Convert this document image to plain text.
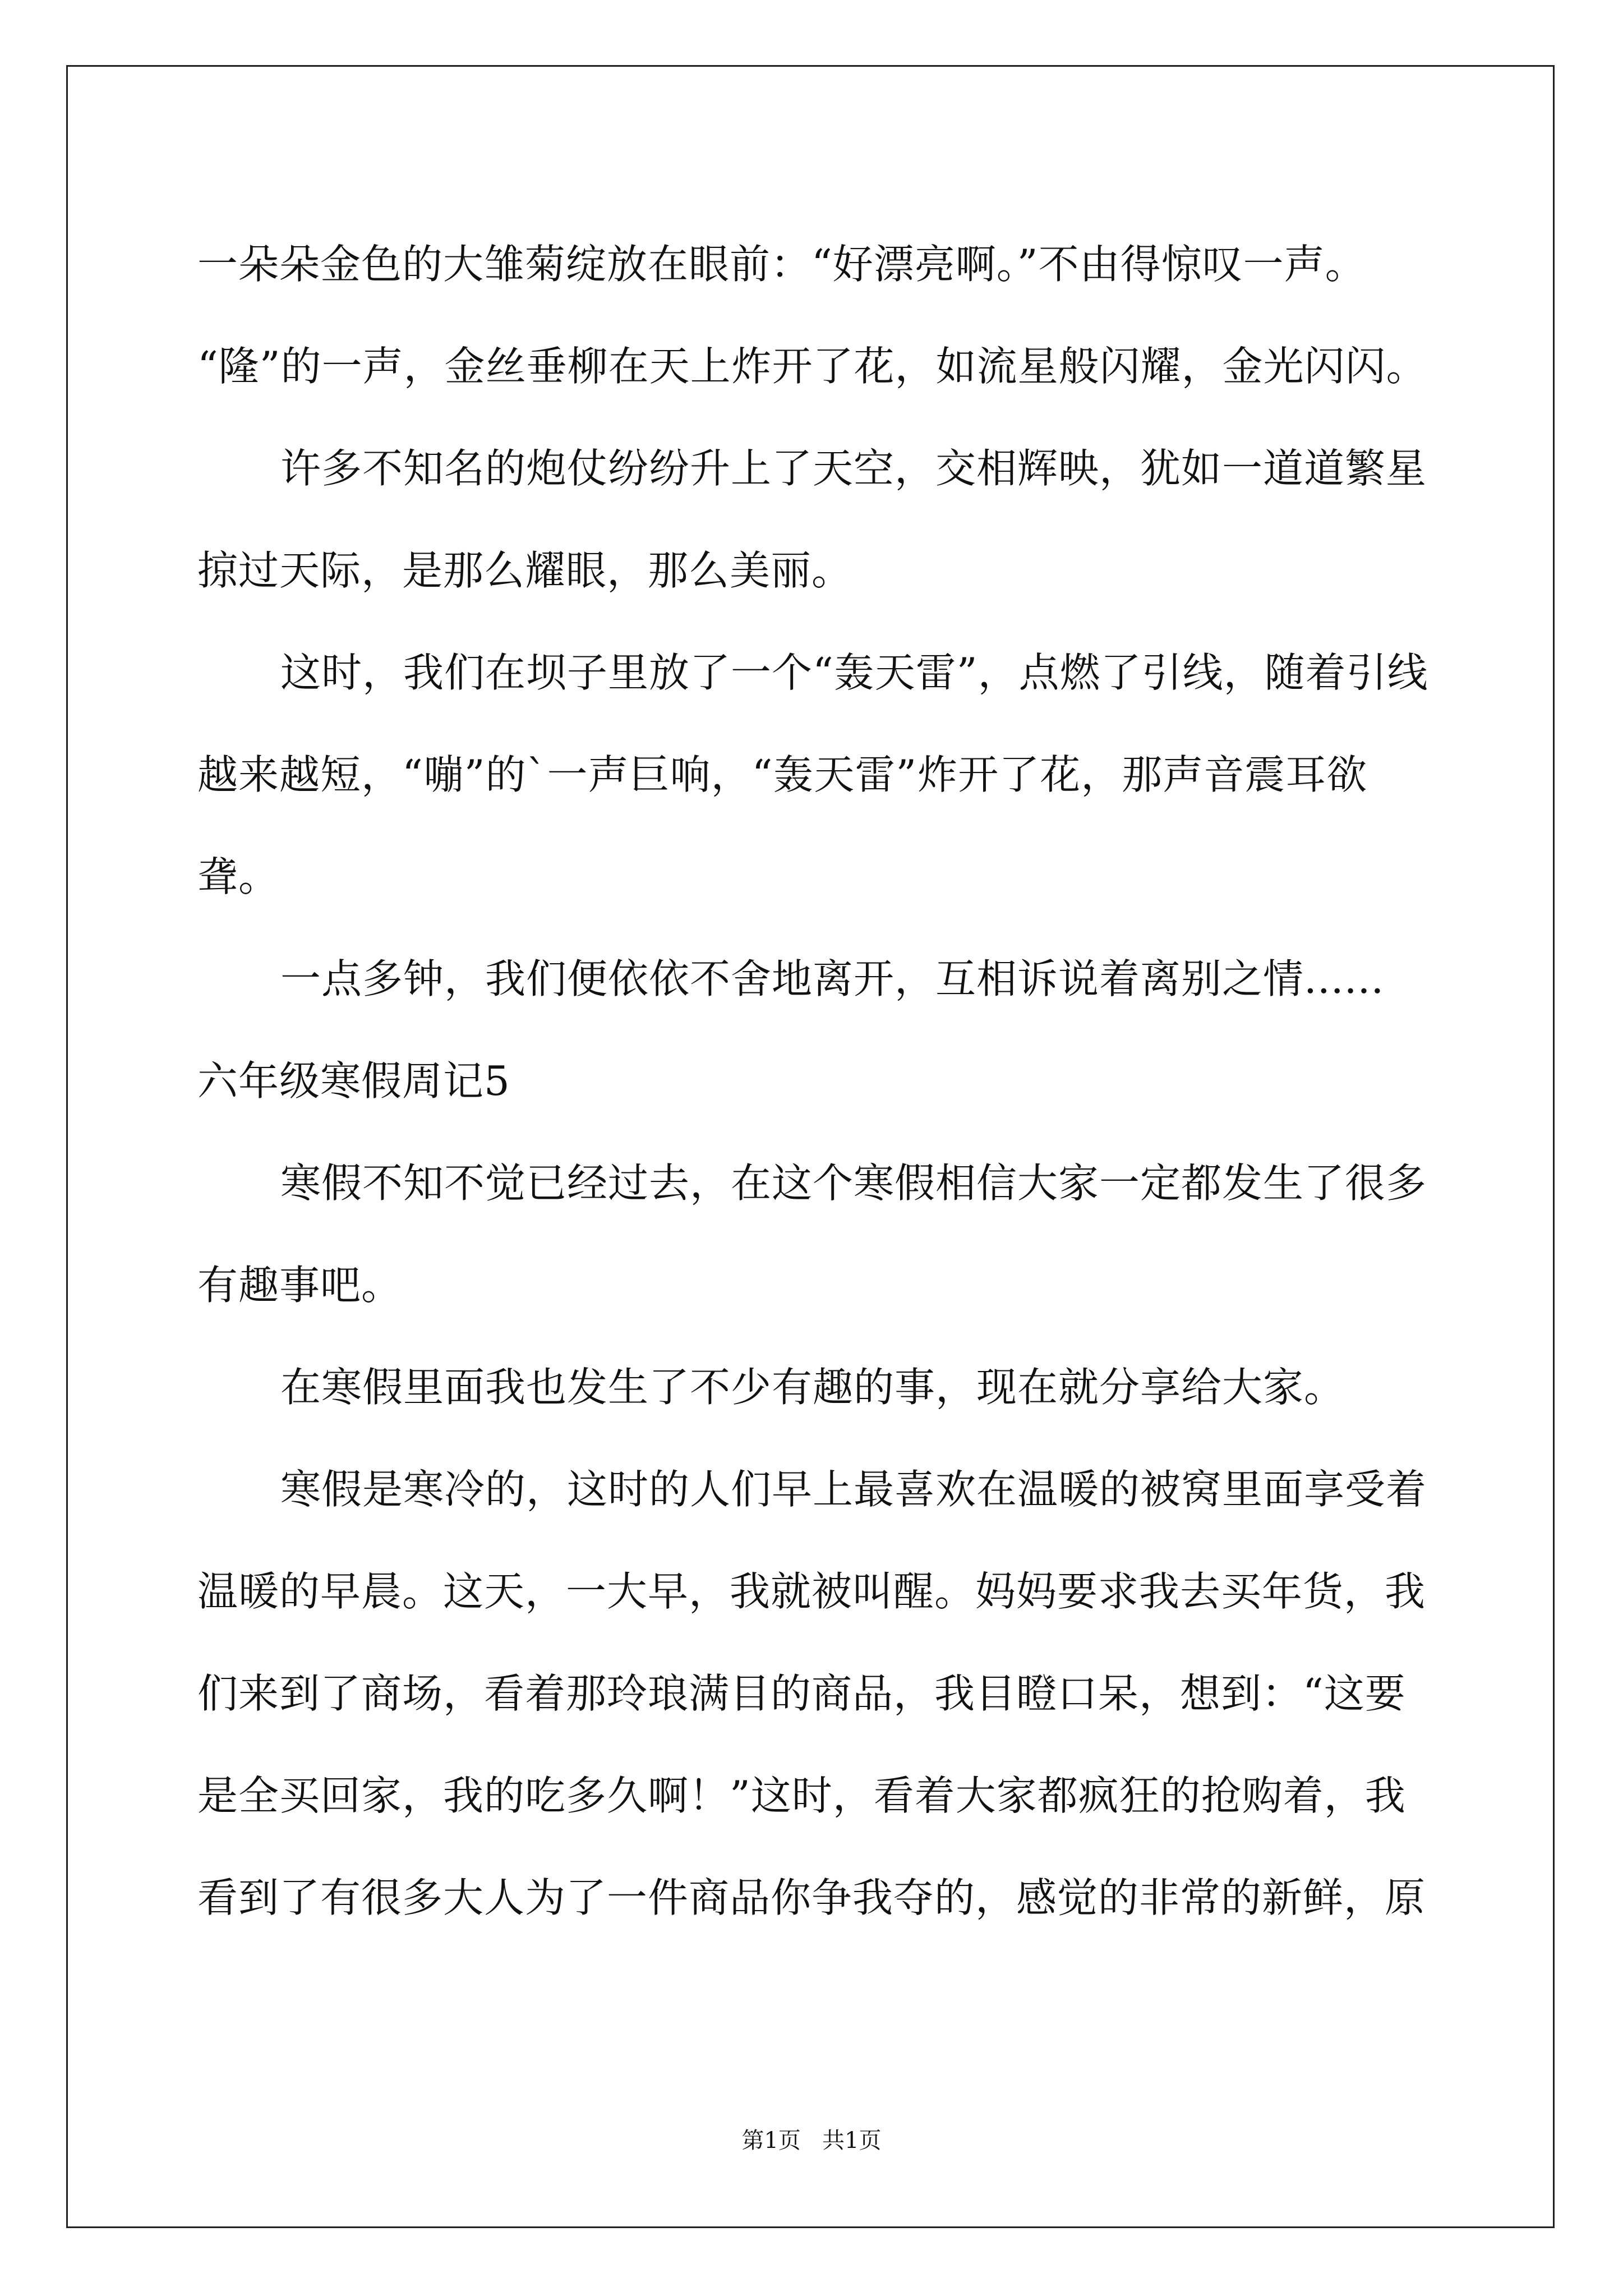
一朵朵金色的大雏菊绽放在眼前：“好漂亮啊。”不由得惊叹一声。
“隆”的一声，金丝垂柳在天上炸开了花，如流星般闪耀，金光闪闪。
许多不知名的炮仗纷纷升上了天空，交相辉映，犹如一道道繁星
掠过天际，是那么耀眼，那么美丽。
这时，我们在坝子里放了一个“轰天雷”，点燃了引线，随着引线
越来越短，“嘣”的`一声巨响，“轰天雷”炸开了花，那声音震耳欲
聋。
一点多钟，我们便依依不舍地离开，互相诉说着离别之情......
六年级寒假周记5
寒假不知不觉已经过去，在这个寒假相信大家一定都发生了很多
有趣事吧。
在寒假里面我也发生了不少有趣的事，现在就分享给大家。
寒假是寒冷的，这时的人们早上最喜欢在温暖的被窝里面享受着
温暖的早晨。这天，一大早，我就被叫醒。妈妈要求我去买年货，我
们来到了商场，看着那玲琅满目的商品，我目瞪口呆，想到：“这要
是全买回家，我的吃多久啊！”这时，看着大家都疯狂的抢购着，我
看到了有很多大人为了一件商品你争我夺的，感觉的非常的新鲜，原
第1页   共1页
